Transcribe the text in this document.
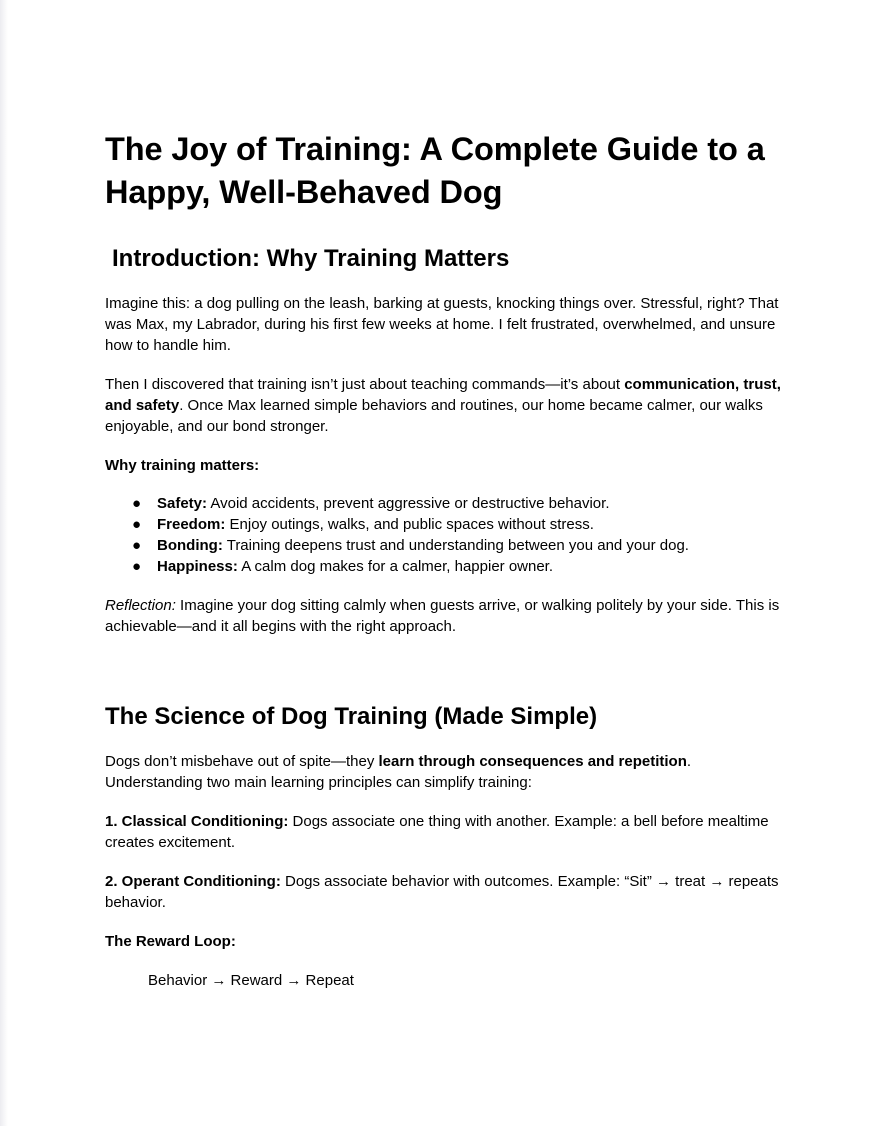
The Joy of Training: A Complete Guide to a Happy, Well-Behaved Dog
Introduction: Why Training Matters

Imagine this: a dog pulling on the leash, barking at guests, knocking things over. Stressful, right? That was Max, my Labrador, during his first few weeks at home. I felt frustrated, overwhelmed, and unsure how to handle him.

Then I discovered that training isn’t just about teaching commands—it’s about communication, trust, and safety. Once Max learned simple behaviors and routines, our home became calmer, our walks enjoyable, and our bond stronger.

Why training matters:

● Safety: Avoid accidents, prevent aggressive or destructive behavior.
● Freedom: Enjoy outings, walks, and public spaces without stress.
● Bonding: Training deepens trust and understanding between you and your dog.
● Happiness: A calm dog makes for a calmer, happier owner.

Reflection: Imagine your dog sitting calmly when guests arrive, or walking politely by your side. This is achievable—and it all begins with the right approach.

The Science of Dog Training (Made Simple)

Dogs don’t misbehave out of spite—they learn through consequences and repetition. Understanding two main learning principles can simplify training:

1. Classical Conditioning: Dogs associate one thing with another. Example: a bell before mealtime creates excitement.

2. Operant Conditioning: Dogs associate behavior with outcomes. Example: “Sit” → treat → repeats behavior.

The Reward Loop:

Behavior → Reward → Repeat
